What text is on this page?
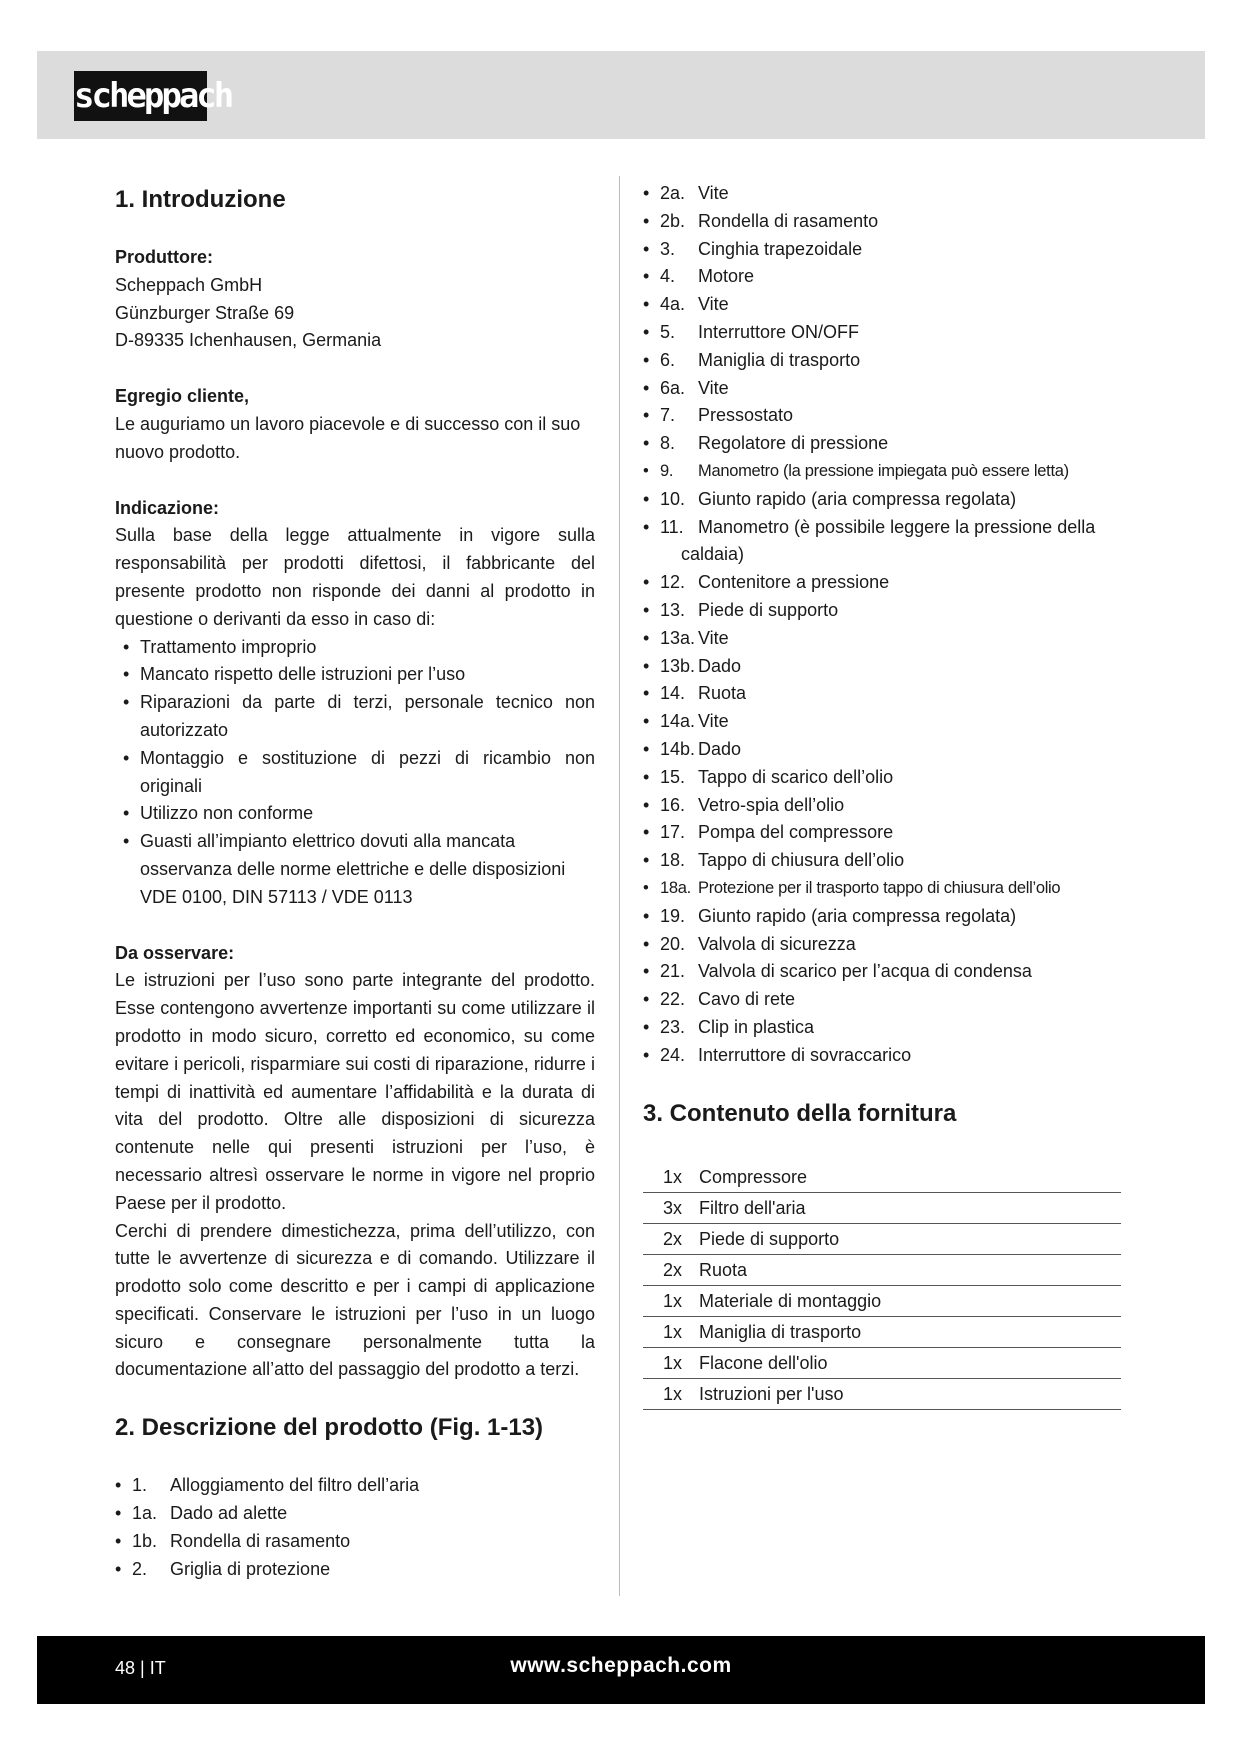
scheppach
1. Introduzione

Produttore:

Scheppach GmbH

Günzburger Straße 69

D-89335 Ichenhausen, Germania

Egregio cliente,

Le auguriamo un lavoro piacevole e di successo con il suo nuovo prodotto.

Indicazione:

Sulla base della legge attualmente in vigore sulla responsabilità per prodotti difettosi, il fabbricante del presente prodotto non risponde dei danni al prodotto in questione o derivanti da esso in caso di:

• Trattamento improprio
• Mancato rispetto delle istruzioni per l’uso
• Riparazioni da parte di terzi, personale tecnico non autorizzato
• Montaggio e sostituzione di pezzi di ricambio non originali
• Utilizzo non conforme
• Guasti all’impianto elettrico dovuti alla mancata osservanza delle norme elettriche e delle disposizioni VDE 0100, DIN 57113 / VDE 0113

Da osservare:

Le istruzioni per l’uso sono parte integrante del prodotto. Esse contengono avvertenze importanti su come utilizzare il prodotto in modo sicuro, corretto ed economico, su come evitare i pericoli, risparmiare sui costi di riparazione, ridurre i tempi di inattività ed aumentare l’affidabilità e la durata di vita del prodotto. Oltre alle disposizioni di sicurezza contenute nelle qui presenti istruzioni per l’uso, è necessario altresì osservare le norme in vigore nel proprio Paese per il prodotto.

Cerchi di prendere dimestichezza, prima dell’utilizzo, con tutte le avvertenze di sicurezza e di comando. Utilizzare il prodotto solo come descritto e per i campi di applicazione specificati. Conservare le istruzioni per l’uso in un luogo sicuro e consegnare personalmente tutta la documentazione all’atto del passaggio del prodotto a terzi.

2. Descrizione del prodotto (Fig. 1-13)
• 1. Alloggiamento del filtro dell’aria
• 1a. Dado ad alette
• 1b. Rondella di rasamento
• 2. Griglia di protezione
• 2a. Vite
• 2b. Rondella di rasamento
• 3. Cinghia trapezoidale
• 4. Motore
• 4a. Vite
• 5. Interruttore ON/OFF
• 6. Maniglia di trasporto
• 6a. Vite
• 7. Pressostato
• 8. Regolatore di pressione
• 9. Manometro (la pressione impiegata può essere letta)
• 10. Giunto rapido (aria compressa regolata)
• 11. Manometro (è possibile leggere la pressione della caldaia)
• 12. Contenitore a pressione
• 13. Piede di supporto
• 13a. Vite
• 13b. Dado
• 14. Ruota
• 14a. Vite
• 14b. Dado
• 15. Tappo di scarico dell’olio
• 16. Vetro-spia dell’olio
• 17. Pompa del compressore
• 18. Tappo di chiusura dell’olio
• 18a. Protezione per il trasporto tappo di chiusura dell’olio
• 19. Giunto rapido (aria compressa regolata)
• 20. Valvola di sicurezza
• 21. Valvola di scarico per l’acqua di condensa
• 22. Cavo di rete
• 23. Clip in plastica
• 24. Interruttore di sovraccarico
3. Contenuto della fornitura
1x Compressore
3x Filtro dell'aria
2x Piede di supporto
2x Ruota
1x Materiale di montaggio
1x Maniglia di trasporto
1x Flacone dell'olio
1x Istruzioni per l'uso
48 | IT	www.scheppach.com
